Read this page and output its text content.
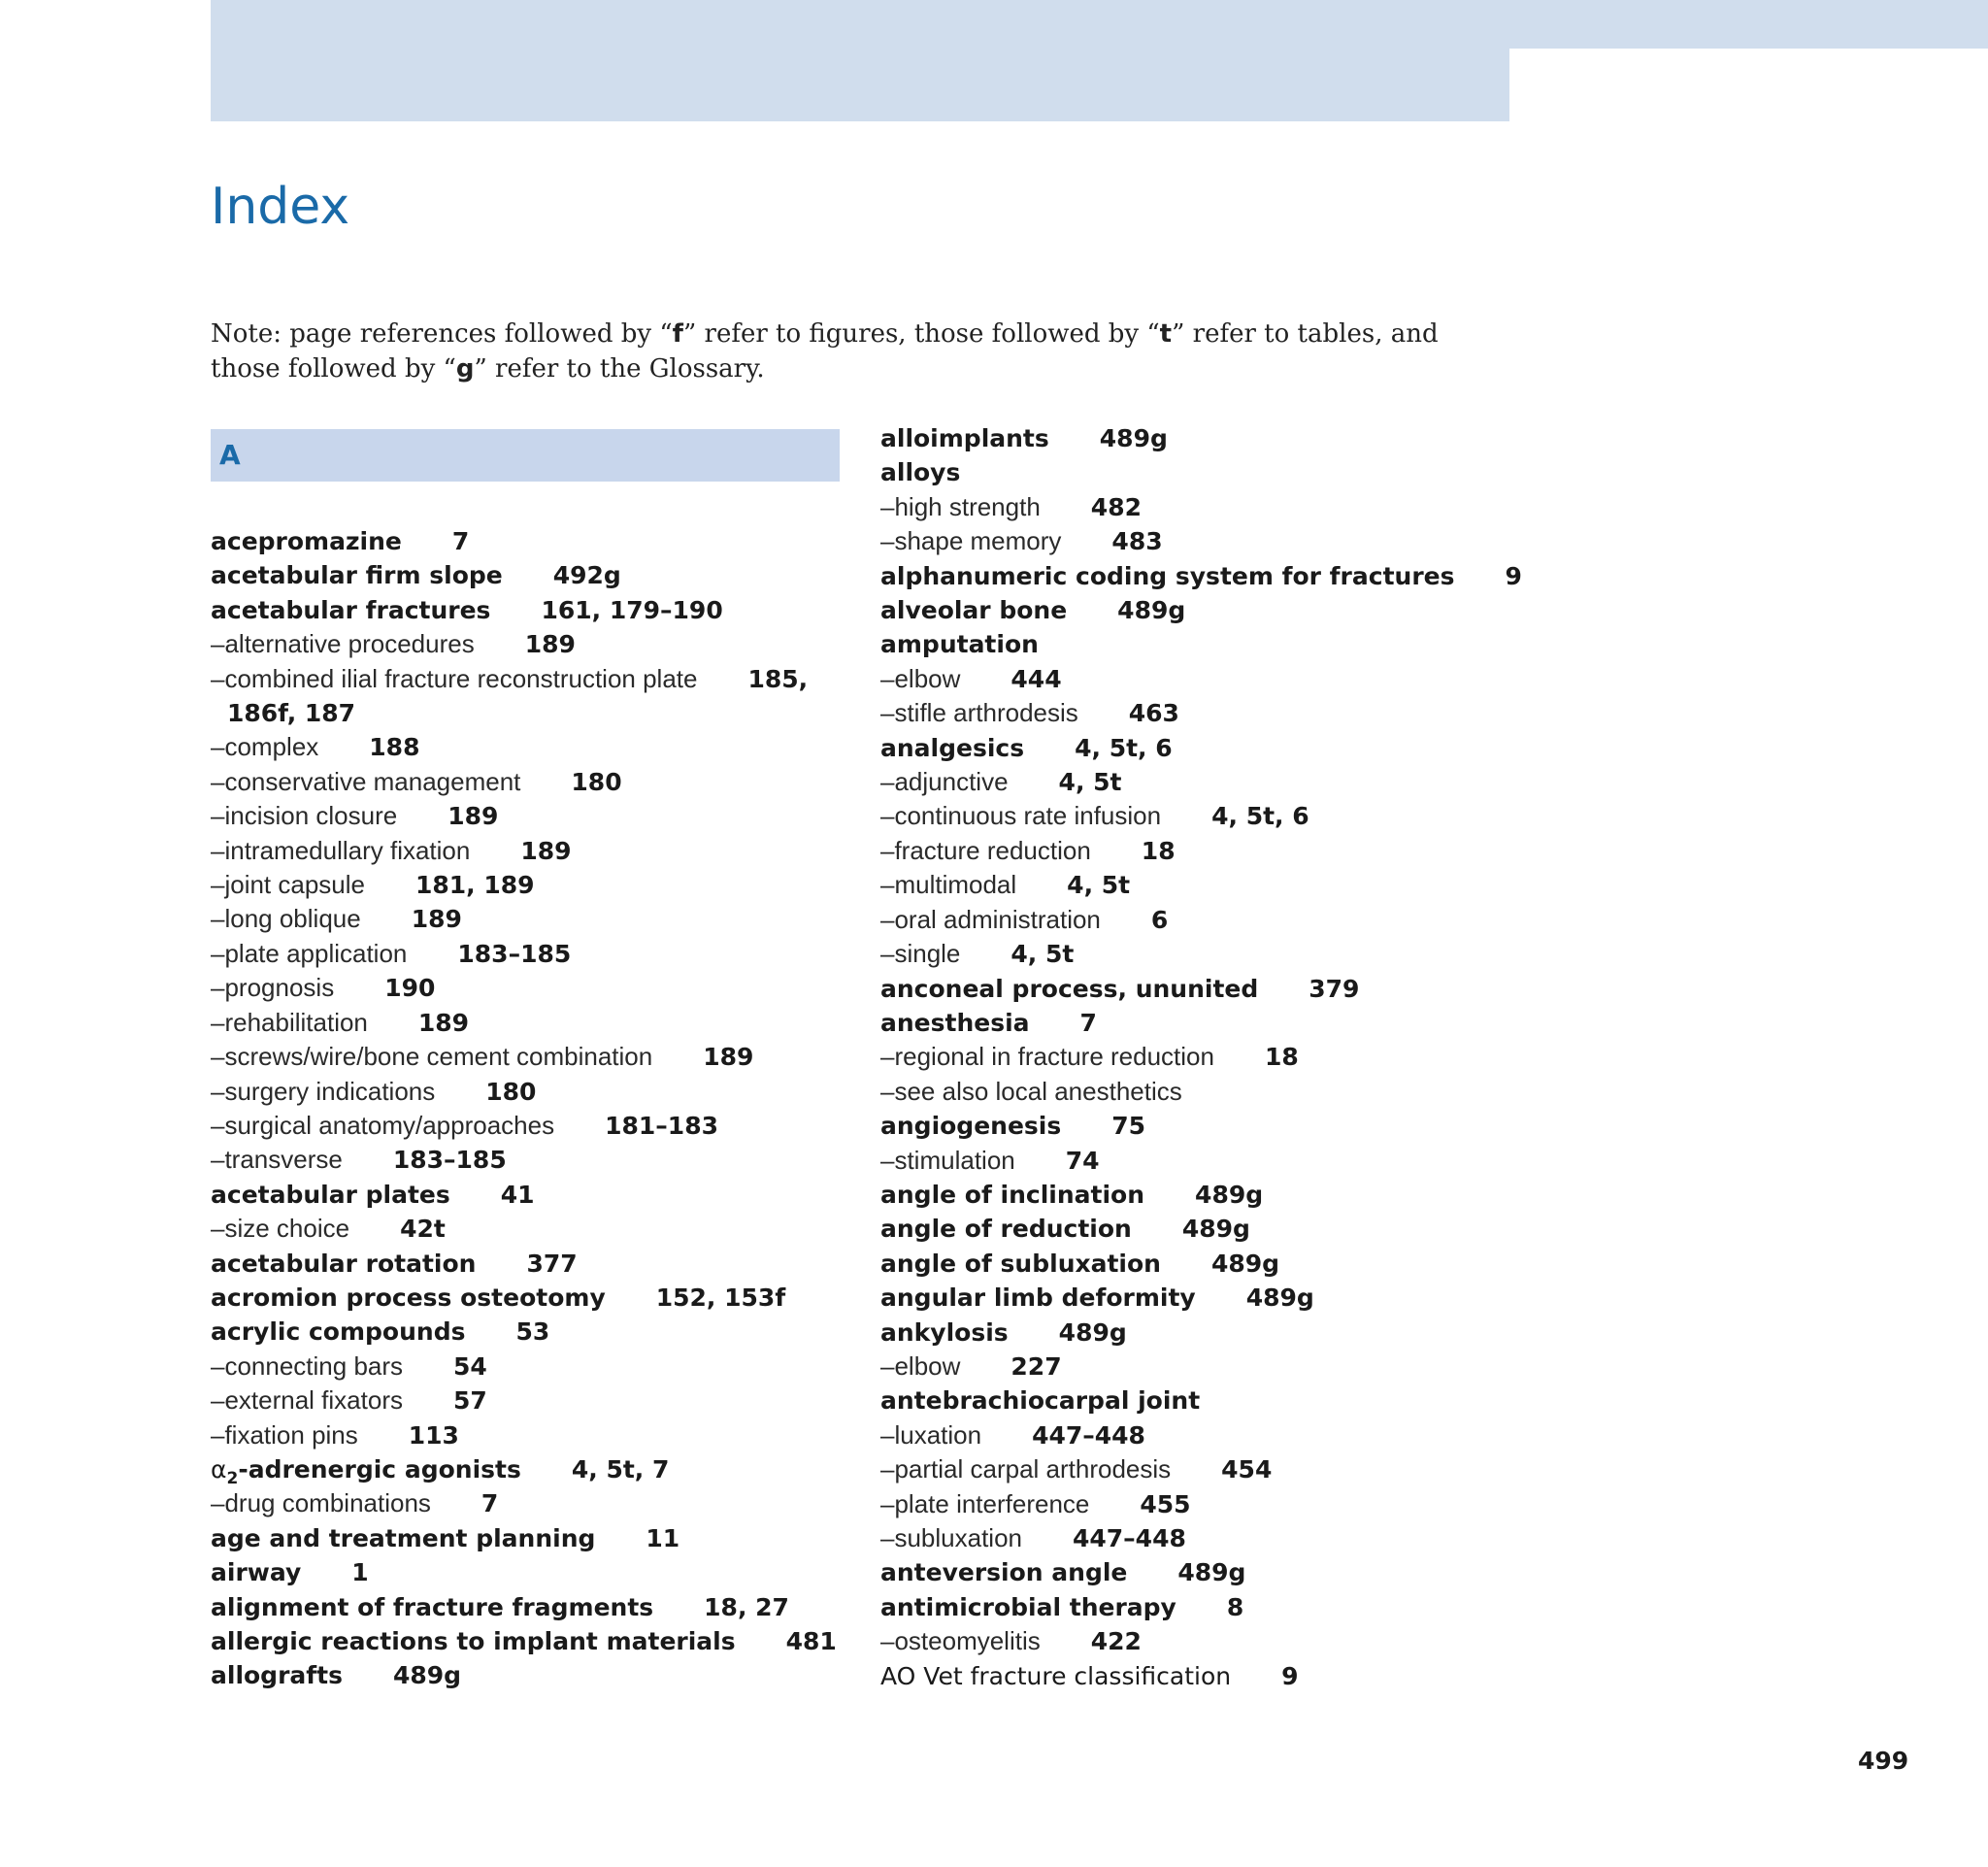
Index

Note: page references followed by “f” refer to figures, those followed by “t” refer to tables, and those followed by “g” refer to the Glossary.

A
acepromazine 7
acetabular firm slope 492g
acetabular fractures 161, 179–190
–alternative procedures 189
–combined ilial fracture reconstruction plate 185,
186f, 187
–complex 188
–conservative management 180
–incision closure 189
–intramedullary fixation 189
–joint capsule 181, 189
–long oblique 189
–plate application 183–185
–prognosis 190
–rehabilitation 189
–screws/wire/bone cement combination 189
–surgery indications 180
–surgical anatomy/approaches 181–183
–transverse 183–185
acetabular plates 41
–size choice 42t
acetabular rotation 377
acromion process osteotomy 152, 153f
acrylic compounds 53
–connecting bars 54
–external fixators 57
–fixation pins 113
$\alpha_2$-adrenergic agonists 4, 5t, 7
–drug combinations 7
age and treatment planning 11
airway 1
alignment of fracture fragments 18, 27
allergic reactions to implant materials 481
allografts 489g
alloimplants 489g
alloys
–high strength 482
–shape memory 483
alphanumeric coding system for fractures 9
alveolar bone 489g
amputation
–elbow 444
–stifle arthrodesis 463
analgesics 4, 5t, 6
–adjunctive 4, 5t
–continuous rate infusion 4, 5t, 6
–fracture reduction 18
–multimodal 4, 5t
–oral administration 6
–single 4, 5t
anconeal process, ununited 379
anesthesia 7
–regional in fracture reduction 18
–see also local anesthetics
angiogenesis 75
–stimulation 74
angle of inclination 489g
angle of reduction 489g
angle of subluxation 489g
angular limb deformity 489g
ankylosis 489g
–elbow 227
antebrachiocarpal joint
–luxation 447–448
–partial carpal arthrodesis 454
–plate interference 455
–subluxation 447–448
anteversion angle 489g
antimicrobial therapy 8
–osteomyelitis 422
AO Vet fracture classification 9
499
